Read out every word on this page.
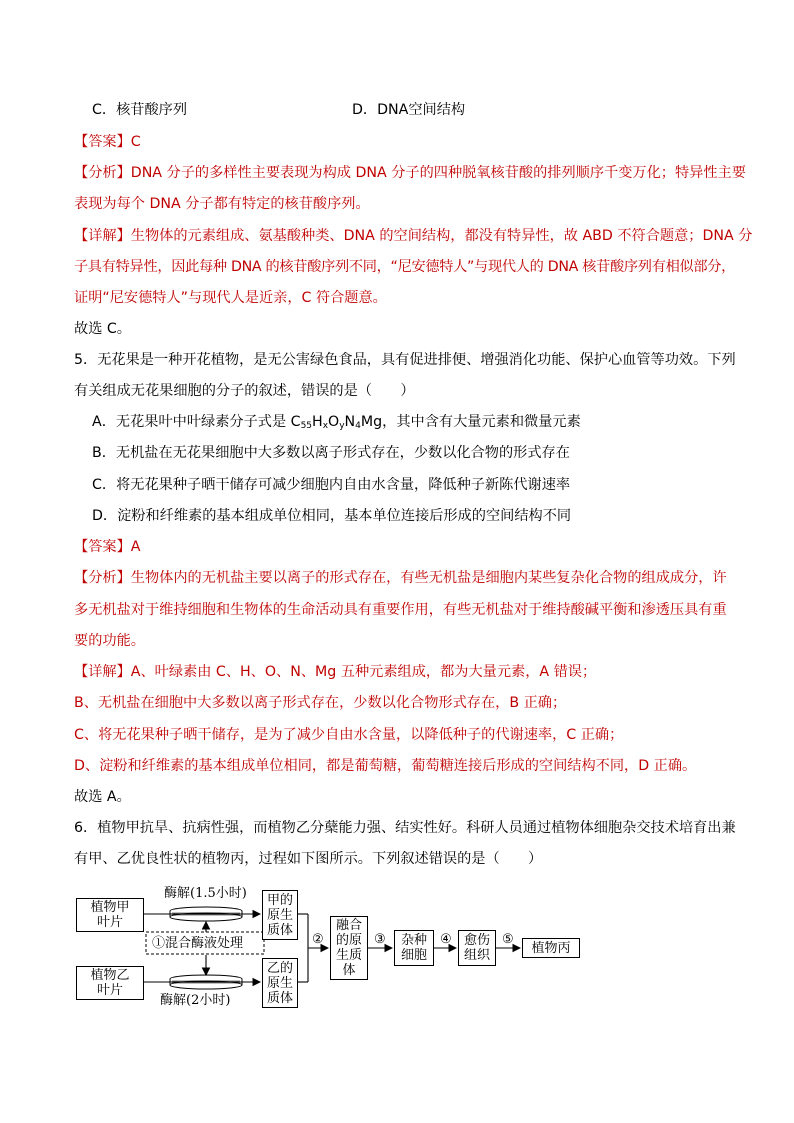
C．核苷酸序列	D．DNA空间结构
【答案】C
【分析】DNA 分子的多样性主要表现为构成 DNA 分子的四种脱氧核苷酸的排列顺序千变万化；特异性主要
表现为每个 DNA 分子都有特定的核苷酸序列。
【详解】生物体的元素组成、氨基酸种类、DNA 的空间结构，都没有特异性，故 ABD 不符合题意；DNA 分
子具有特异性，因此每种 DNA 的核苷酸序列不同，“尼安德特人”与现代人的 DNA 核苷酸序列有相似部分，
证明“尼安德特人”与现代人是近亲，C 符合题意。
故选 C。
5．无花果是一种开花植物，是无公害绿色食品，具有促进排便、增强消化功能、保护心血管等功效。下列
有关组成无花果细胞的分子的叙述，错误的是（　　）
A．无花果叶中叶绿素分子式是 $C_{55}H_xO_yN_4Mg$，其中含有大量元素和微量元素
B．无机盐在无花果细胞中大多数以离子形式存在，少数以化合物的形式存在
C．将无花果种子晒干储存可减少细胞内自由水含量，降低种子新陈代谢速率
D．淀粉和纤维素的基本组成单位相同，基本单位连接后形成的空间结构不同
【答案】A
【分析】生物体内的无机盐主要以离子的形式存在，有些无机盐是细胞内某些复杂化合物的组成成分，许
多无机盐对于维持细胞和生物体的生命活动具有重要作用，有些无机盐对于维持酸碱平衡和渗透压具有重
要的功能。
【详解】A、叶绿素由 C、H、O、N、Mg 五种元素组成，都为大量元素，A 错误；
B、无机盐在细胞中大多数以离子形式存在，少数以化合物形式存在，B 正确；
C、将无花果种子晒干储存，是为了减少自由水含量，以降低种子的代谢速率，C 正确；
D、淀粉和纤维素的基本组成单位相同，都是葡萄糖，葡萄糖连接后形成的空间结构不同，D 正确。
故选 A。
6．植物甲抗旱、抗病性强，而植物乙分蘖能力强、结实性好。科研人员通过植物体细胞杂交技术培育出兼
有甲、乙优良性状的植物丙，过程如下图所示。下列叙述错误的是（　　）
植物甲叶片
植物乙叶片
酶解(1.5小时)
酶解(2小时)
①混合酶液处理
甲的原生质体
乙的原生质体
②
融合的原生质体
③ 杂种细胞
④ 愈伤组织
⑤
植物丙
